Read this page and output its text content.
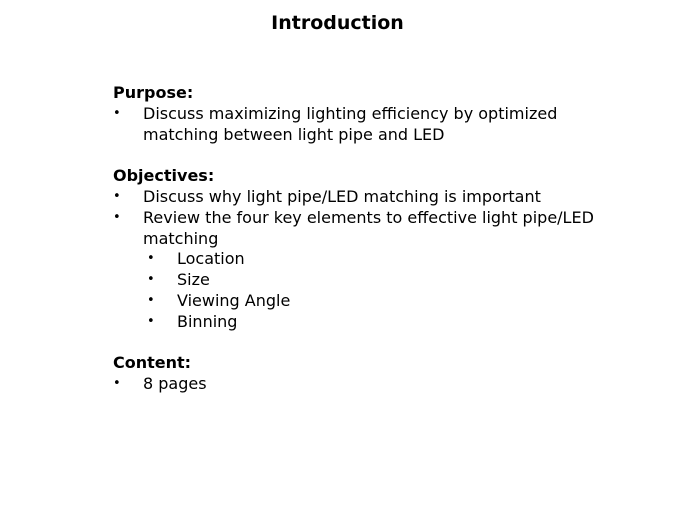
Introduction

Purpose:

•	Discuss maximizing lighting efficiency by optimized matching between light pipe and LED

Objectives:

•	Discuss why light pipe/LED matching is important
•	Review the four key elements to effective light pipe/LED matching
•	Location
•	Size
•	Viewing Angle
•	Binning

Content:

•	8 pages
